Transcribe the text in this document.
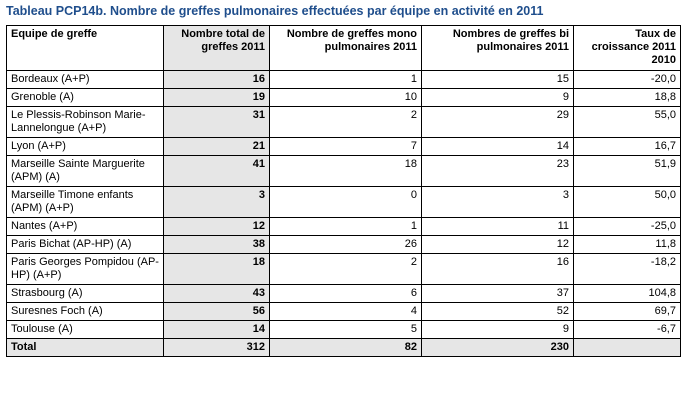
Tableau PCP14b. Nombre de greffes pulmonaires effectuées par équipe en activité en 2011
Equipe de greffe	Nombre total de greffes 2011	Nombre de greffes mono pulmonaires 2011	Nombres de greffes bi pulmonaires 2011	Taux de croissance 2011 2010
Bordeaux (A+P)	16	1	15	-20,0
Grenoble (A)	19	10	9	18,8
Le Plessis-Robinson Marie-Lannelongue (A+P)	31	2	29	55,0
Lyon (A+P)	21	7	14	16,7
Marseille Sainte Marguerite (APM) (A)	41	18	23	51,9
Marseille Timone enfants (APM) (A+P)	3	0	3	50,0
Nantes (A+P)	12	1	11	-25,0
Paris Bichat (AP-HP) (A)	38	26	12	11,8
Paris Georges Pompidou (AP-HP) (A+P)	18	2	16	-18,2
Strasbourg (A)	43	6	37	104,8
Suresnes Foch (A)	56	4	52	69,7
Toulouse (A)	14	5	9	-6,7
Total	312	82	230	
